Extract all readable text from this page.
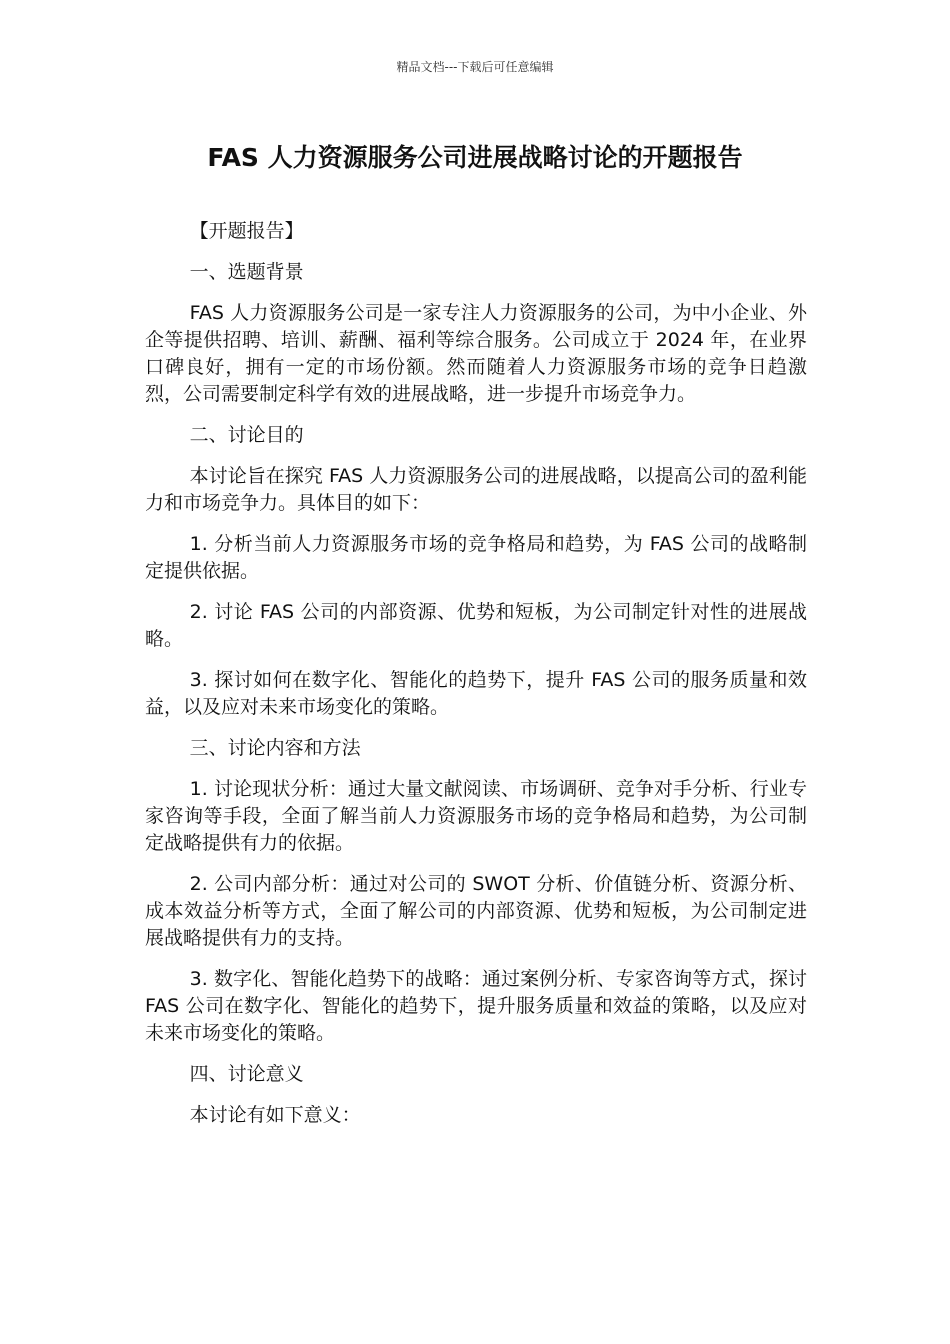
精品文档---下载后可任意编辑
FAS 人力资源服务公司进展战略讨论的开题报告
【开题报告】
一、选题背景

FAS 人力资源服务公司是一家专注人力资源服务的公司，为中小企业、外企等提供招聘、培训、薪酬、福利等综合服务。公司成立于 2024 年，在业界口碑良好，拥有一定的市场份额。然而随着人力资源服务市场的竞争日趋激烈，公司需要制定科学有效的进展战略，进一步提升市场竞争力。

二、讨论目的

本讨论旨在探究 FAS 人力资源服务公司的进展战略，以提高公司的盈利能力和市场竞争力。具体目的如下：

1. 分析当前人力资源服务市场的竞争格局和趋势，为 FAS 公司的战略制定提供依据。

2. 讨论 FAS 公司的内部资源、优势和短板，为公司制定针对性的进展战略。

3. 探讨如何在数字化、智能化的趋势下，提升 FAS 公司的服务质量和效益，以及应对未来市场变化的策略。

三、讨论内容和方法

1. 讨论现状分析：通过大量文献阅读、市场调研、竞争对手分析、行业专家咨询等手段，全面了解当前人力资源服务市场的竞争格局和趋势，为公司制定战略提供有力的依据。

2. 公司内部分析：通过对公司的 SWOT 分析、价值链分析、资源分析、成本效益分析等方式，全面了解公司的内部资源、优势和短板，为公司制定进展战略提供有力的支持。

3. 数字化、智能化趋势下的战略：通过案例分析、专家咨询等方式，探讨 FAS 公司在数字化、智能化的趋势下，提升服务质量和效益的策略，以及应对未来市场变化的策略。

四、讨论意义

本讨论有如下意义：
